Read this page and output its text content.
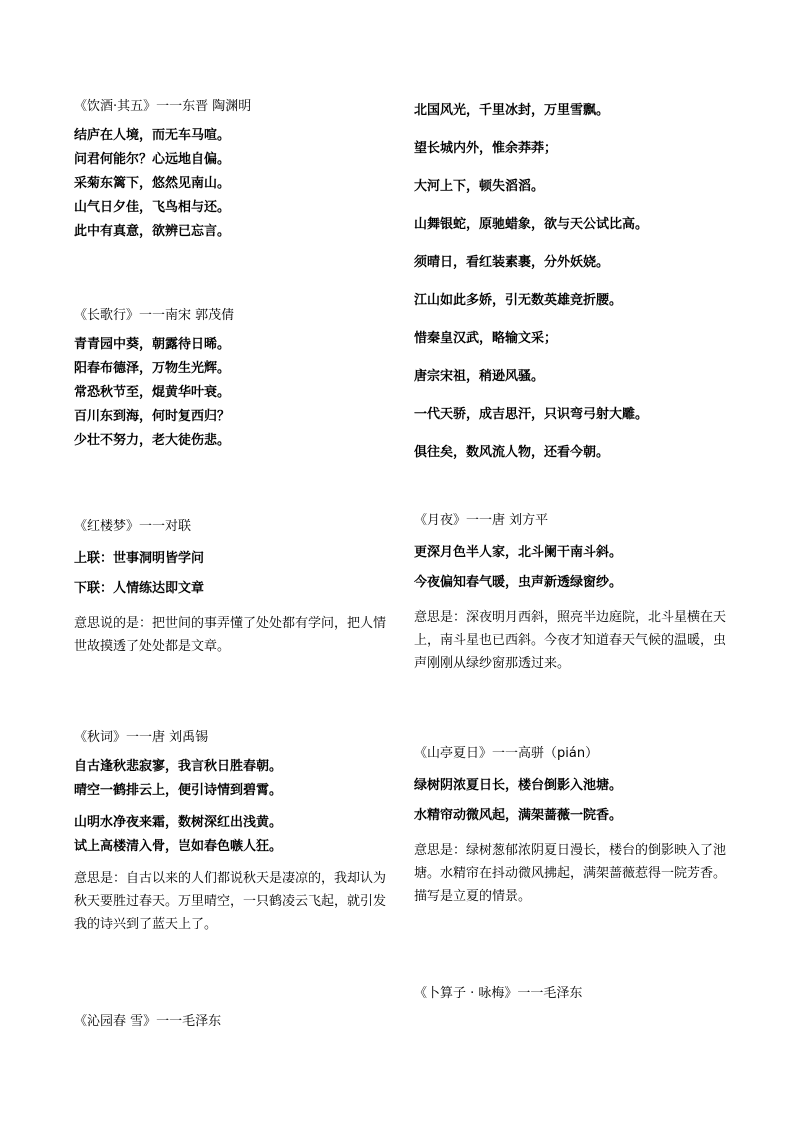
《饮酒·其五》一一东晋 陶渊明
结庐在人境，而无车马喧。
问君何能尔？心远地自偏。
采菊东篱下，悠然见南山。
山气日夕佳，飞鸟相与还。
此中有真意，欲辨已忘言。
《长歌行》一一南宋 郭茂倩
青青园中葵，朝露待日晞。
阳春布德泽，万物生光辉。
常恐秋节至，焜黄华叶衰。
百川东到海，何时复西归？
少壮不努力，老大徒伤悲。
《红楼梦》一一对联
上联：世事洞明皆学问
下联：人情练达即文章
意思说的是：把世间的事弄懂了处处都有学问，把人情世故摸透了处处都是文章。
《秋词》一一唐 刘禹锡
自古逢秋悲寂寥，我言秋日胜春朝。
晴空一鹤排云上，便引诗情到碧霄。
山明水净夜来霜，数树深红出浅黄。
试上高楼清入骨，岂如春色嗾人狂。
意思是：自古以来的人们都说秋天是凄凉的，我却认为秋天要胜过春天。万里晴空，一只鹤凌云飞起，就引发我的诗兴到了蓝天上了。
《沁园春 雪》一一毛泽东
北国风光，千里冰封，万里雪飘。
望长城内外，惟余莽莽；
大河上下，顿失滔滔。
山舞银蛇，原驰蜡象，欲与天公试比高。
须晴日，看红装素裹，分外妖娆。
江山如此多娇，引无数英雄竞折腰。
惜秦皇汉武，略输文采；
唐宗宋祖，稍逊风骚。
一代天骄，成吉思汗，只识弯弓射大雕。
俱往矣，数风流人物，还看今朝。
《月夜》一一唐 刘方平
更深月色半人家，北斗阑干南斗斜。
今夜偏知春气暖，虫声新透绿窗纱。
意思是：深夜明月西斜，照亮半边庭院，北斗星横在天上，南斗星也已西斜。今夜才知道春天气候的温暖，虫声刚刚从绿纱窗那透过来。
《山亭夏日》一一高骈（pián）
绿树阴浓夏日长，楼台倒影入池塘。
水精帘动微风起，满架蔷薇一院香。
意思是：绿树葱郁浓阴夏日漫长，楼台的倒影映入了池塘。水精帘在抖动微风拂起，满架蔷薇惹得一院芳香。描写是立夏的情景。
《卜算子 · 咏梅》一一毛泽东
